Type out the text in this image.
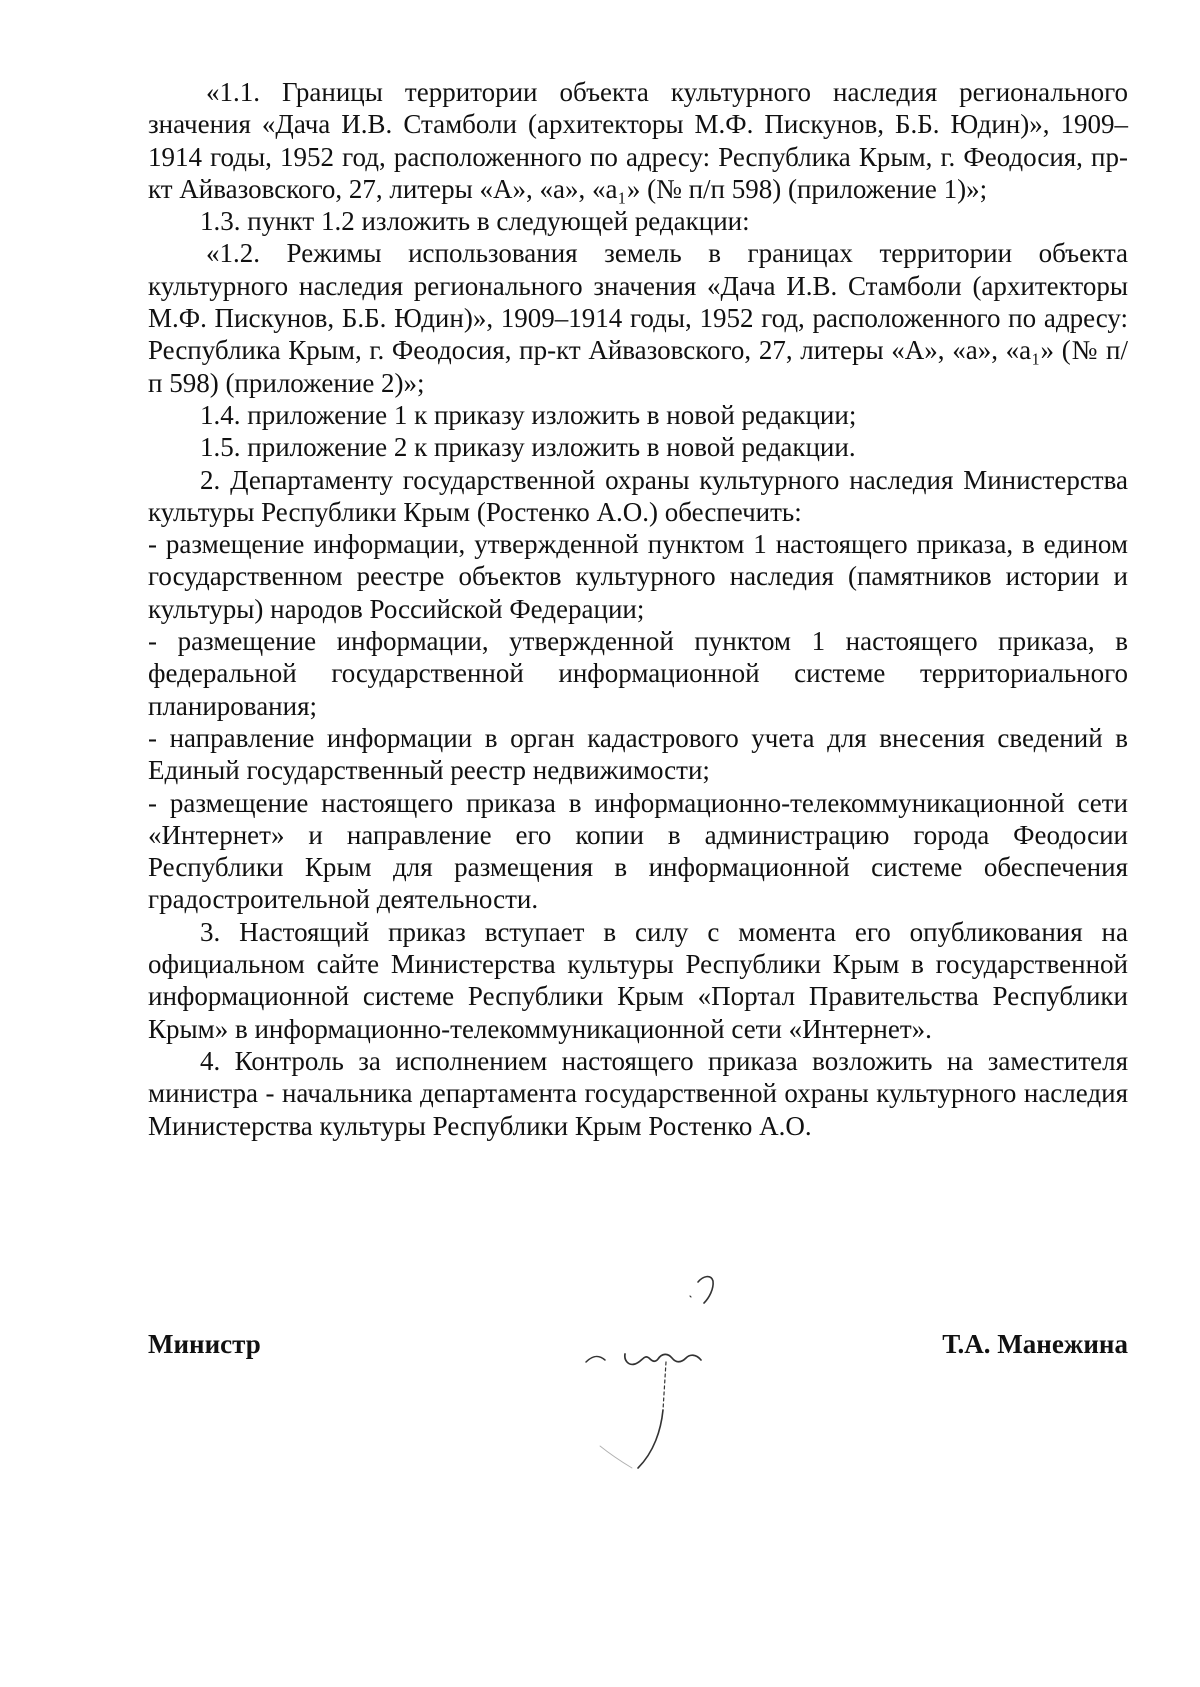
«1.1. Границы территории объекта культурного наследия регионального значения «Дача И.В. Стамболи (архитекторы М.Ф. Пискунов, Б.Б. Юдин)», 1909–1914 годы, 1952 год, расположенного по адресу: Республика Крым, г. Феодосия, пр-кт Айвазовского, 27, литеры «А», «а», «а₁» (№ п/п 598) (приложение 1)»;

1.3. пункт 1.2 изложить в следующей редакции:

«1.2. Режимы использования земель в границах территории объекта культурного наследия регионального значения «Дача И.В. Стамболи (архитекторы М.Ф. Пискунов, Б.Б. Юдин)», 1909–1914 годы, 1952 год, расположенного по адресу: Республика Крым, г. Феодосия, пр-кт Айвазовского, 27, литеры «А», «а», «а₁» (№ п/п 598) (приложение 2)»;

1.4. приложение 1 к приказу изложить в новой редакции;

1.5. приложение 2 к приказу изложить в новой редакции.

2. Департаменту государственной охраны культурного наследия Министерства культуры Республики Крым (Ростенко А.О.) обеспечить:

- размещение информации, утвержденной пунктом 1 настоящего приказа, в едином государственном реестре объектов культурного наследия (памятников истории и культуры) народов Российской Федерации;

- размещение информации, утвержденной пунктом 1 настоящего приказа, в федеральной государственной информационной системе территориального планирования;

- направление информации в орган кадастрового учета для внесения сведений в Единый государственный реестр недвижимости;

- размещение настоящего приказа в информационно-телекоммуникационной сети «Интернет» и направление его копии в администрацию города Феодосии Республики Крым для размещения в информационной системе обеспечения градостроительной деятельности.

3. Настоящий приказ вступает в силу с момента его опубликования на официальном сайте Министерства культуры Республики Крым в государственной информационной системе Республики Крым «Портал Правительства Республики Крым» в информационно-телекоммуникационной сети «Интернет».

4. Контроль за исполнением настоящего приказа возложить на заместителя министра - начальника департамента государственной охраны культурного наследия Министерства культуры Республики Крым Ростенко А.О.

Министр	Т.А. Манежина
